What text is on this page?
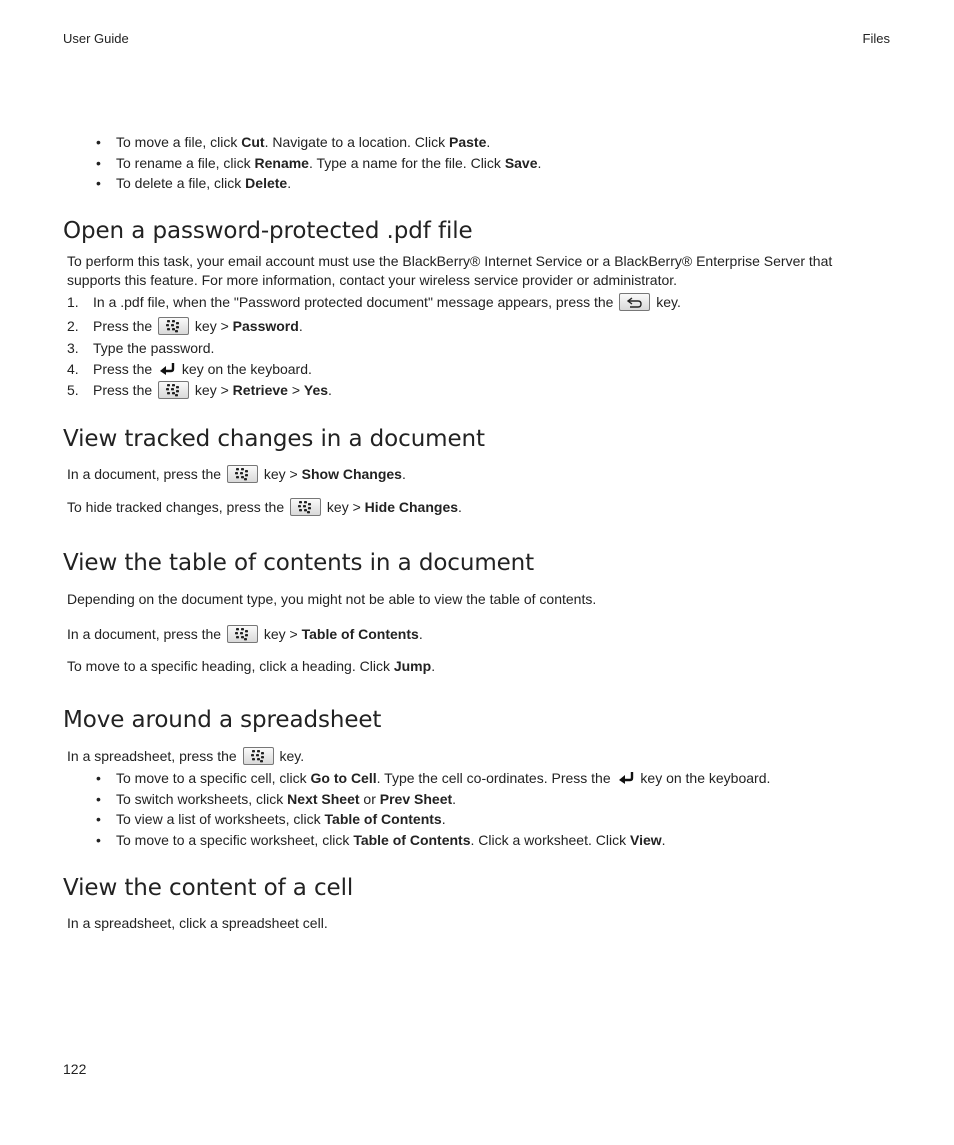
User Guide	Files
• To move a file, click Cut. Navigate to a location. Click Paste.
• To rename a file, click Rename. Type a name for the file. Click Save.
• To delete a file, click Delete.
Open a password-protected .pdf file

To perform this task, your email account must use the BlackBerry® Internet Service or a BlackBerry® Enterprise Server that
supports this feature. For more information, contact your wireless service provider or administrator.

1. In a .pdf file, when the "Password protected document" message appears, press the	key.
2. Press the	key > Password.
3. Type the password.
4. Press the  key on the keyboard.
5. Press the	key > Retrieve > Yes.
View tracked changes in a document

In a document, press the	key > Show Changes.

To hide tracked changes, press the	key > Hide Changes.

View the table of contents in a document

Depending on the document type, you might not be able to view the table of contents.

In a document, press the	key > Table of Contents.

To move to a specific heading, click a heading. Click Jump.

Move around a spreadsheet

In a spreadsheet, press the	key.

• To move to a specific cell, click Go to Cell. Type the cell co-ordinates. Press the  key on the keyboard.
• To switch worksheets, click Next Sheet or Prev Sheet.
• To view a list of worksheets, click Table of Contents.
• To move to a specific worksheet, click Table of Contents. Click a worksheet. Click View.
View the content of a cell

In a spreadsheet, click a spreadsheet cell.

122
